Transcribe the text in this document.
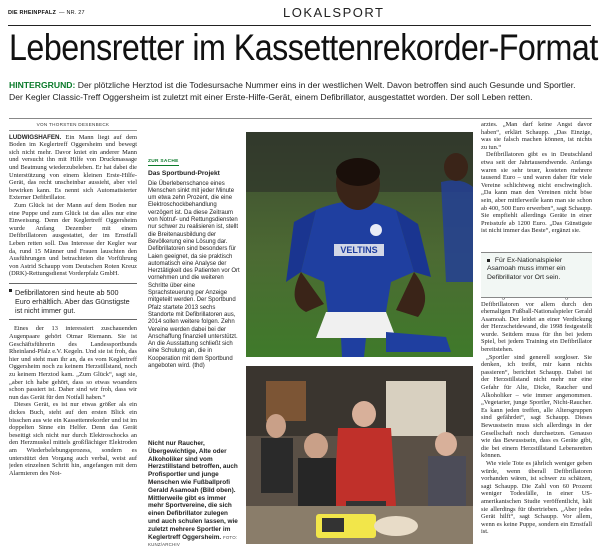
DIE RHEINPFALZ — NR. 27	LOKALSPORT
Lebensretter im Kassettenrekorder-Format
HINTERGRUND: Der plötzliche Herztod ist die Todesursache Nummer eins in der westlichen Welt. Davon betroffen sind auch Gesunde und Sportler. Der Kegler Classic-Treff Oggersheim ist zuletzt mit einer Erste-Hilfe-Gerät, einem Defibrillator, ausgestattet worden. Der soll Leben retten.
VON THORSTEN DESENBECK

LUDWIGSHAFEN. Ein Mann liegt auf dem Boden im Keglertreff Oggersheim und bewegt sich nicht mehr. Davor kniet ein anderer Mann und versucht ihn mit Hilfe von Druckmassage und Beatmung wiederzubeleben. Er hat dabei die Unterstützung von einem kleinen Erste-Hilfe-Gerät, das recht unscheinbar aussieht, aber viel bewirken kann. Es nennt sich Automatisierter Externer Defibrillator.

Zum Glück ist der Mann auf dem Boden nur eine Puppe und zum Glück ist das alles nur eine Einweisung. Denn der Keglertreff Oggersheim wurde Anfang Dezember mit einem Defibrillatoren ausgestattet, der im Ernstfall Leben retten soll. Das Interesse der Kegler war da, rund 15 Männer und Frauen lauschten den Ausführungen und betrachteten die Vorführung von Astrid Schaupp vom Deutschen Roten Kreuz (DRK)-Rettungsdienst Vorderpfalz GmbH.

Defibrillatoren sind heute ab 500 Euro erhältlich. Aber das Günstigste ist nicht immer gut.

Eines der 13 interessiert zuschauenden Augenpaare gehört Otmar Riemann. Sie ist Geschäftsführerin des Landessportbunds Rheinland-Pfalz e.V. Kegeln. Und sie ist froh, das hier und steht man ihr an, da es vom Keglertreff Oggersheim noch zu keinem Herzstillstand, noch zu keinem Herztod kam. „Zum Glück“, sagt sie, „aber ich habe gehört, dass so etwas woanders schon passiert ist. Daher sind wir froh, dass wir nun das Gerät für den Notfall haben.“

Dieses Gerät, es ist nur etwas größer als ein dickes Buch, steht auf den ersten Blick ein bisschen aus wie ein Kassettenrekorder und ist im doppelten Sinne ein Helfer. Denn das Gerät beseitigt sich nicht nur durch Elektroschocks an den Herzmuskel mittels großflächiger Elektroden am Wiederbelebungsprozess, sondern es unterstützt den Vorgang auch verbal, weist auf jeden einzelnen Schritt hin, angefangen mit dem Alarmieren des Not-

ZUR SACHE
Das Sportbund-Projekt
Die Überlebenschance eines Menschen sinkt mit jeder Minute um etwa zehn Prozent, die eine Elektroschockbehandlung verzögert ist. Da diese Zeitraum von Notruf- und Rettungsdiensten nur schwer zu realisieren ist, stellt die Breitenausbildung der Bevölkerung eine Lösung dar. Defibrillatoren sind besonders für Laien geeignet, da sie praktisch automatisch eine Analyse der Herztätigkeit des Patienten vor Ort vornehmen und die weiteren Schritte über eine Sprachsteuerung per Anzeige mitgeteilt werden. Der Sportbund Pfalz startete 2013 sechs Standorte mit Defibrillatoren aus, 2014 sollen weitere folgen. Zehn Vereine werden dabei bei der Anschaffung finanziell unterstützt. An die Ausstattung schließt sich eine Schulung an, die in Kooperation mit dem Sportbund angeboten wird. (thd)
VELTINS
Nicht nur Raucher, Übergewichtige, Alte oder Alkoholiker sind vom Herzstillstand betroffen, auch Profisportler und junge Menschen wie Fußballprofi Gerald Asamoah (Bild oben). Mittlerweile gibt es immer mehr Sportvereine, die sich einen Defibrillator zulegen und auch schulen lassen, wie zuletzt mehrere Sportler im Keglertreff Oggersheim. FOTO: KUNZ/ARCHIV

arztes. „Man darf keine Angst davor haben“, erklärt Schaupp. „Das Einzige, was sie falsch machen können, ist nichts zu tun.“

Defibrillatoren gibt es in Deutschland etwa seit der Jahrtausendwende. Anfangs waren sie sehr teuer, kosteten mehrere tausend Euro – und waren daher für viele Vereine schlichtweg nicht erschwinglich. „Da kann man den Vereinen nicht böse sein, aber mittlerweile kann man sie schon ab 400, 500 Euro erwerben“, sagt Schaupp. Sie empfiehlt allerdings Geräte in einer Preisstufe ab 1200 Euro. „Das Günstigste ist nicht immer das Beste“, ergänzt sie.

Defibrillatoren vor allem durch den ehemaligen Fußball-Nationalspieler Gerald Asamoah. Der leidet an einer Verdickung der Herzscheidewand, die 1998 festgestellt wurde. Seitdem muss für ihn bei jedem Spiel, bei jedem Training ein Defibrillator bereitstehen.

„Sportler sind generell sorgloser. Sie denken, ich treibt, mir kann nichts passieren“, berichtet Schaupp. Dabei ist der Herzstillstand nicht mehr nur eine Gefahr für Alte, Dicke, Raucher und Alkoholiker – wie immer angenommen. „Vegetarier, junge Sportler, Nicht-Raucher. Es kann jeden treffen, alle Altersgruppen sind gefährdet“, sagt Schaupp. Dieses Bewusstsein muss sich allerdings in der Gesellschaft noch durchsetzen. Genauso wie das Bewusstsein, dass es Geräte gibt, die bei einem Herzstillstand Lebensretten können.

Wie viele Tote es jährlich weniger geben würde, wenn überall Defibrillatoren vorhanden wären, ist schwer zu schätzen, sagt Schaupp. Die Zahl von 60 Prozent weniger Todesfälle, in einer US-amerikanischen Studie veröffentlicht, hält sie allerdings für übertrieben. „Aber jedes Gerät hilft“, sagt Schaupp. Vor allem, wenn es keine Puppe, sondern ein Ernstfall ist.

Für Ex-Nationalspieler Asamoah muss immer ein Defibrillator vor Ort sein.
